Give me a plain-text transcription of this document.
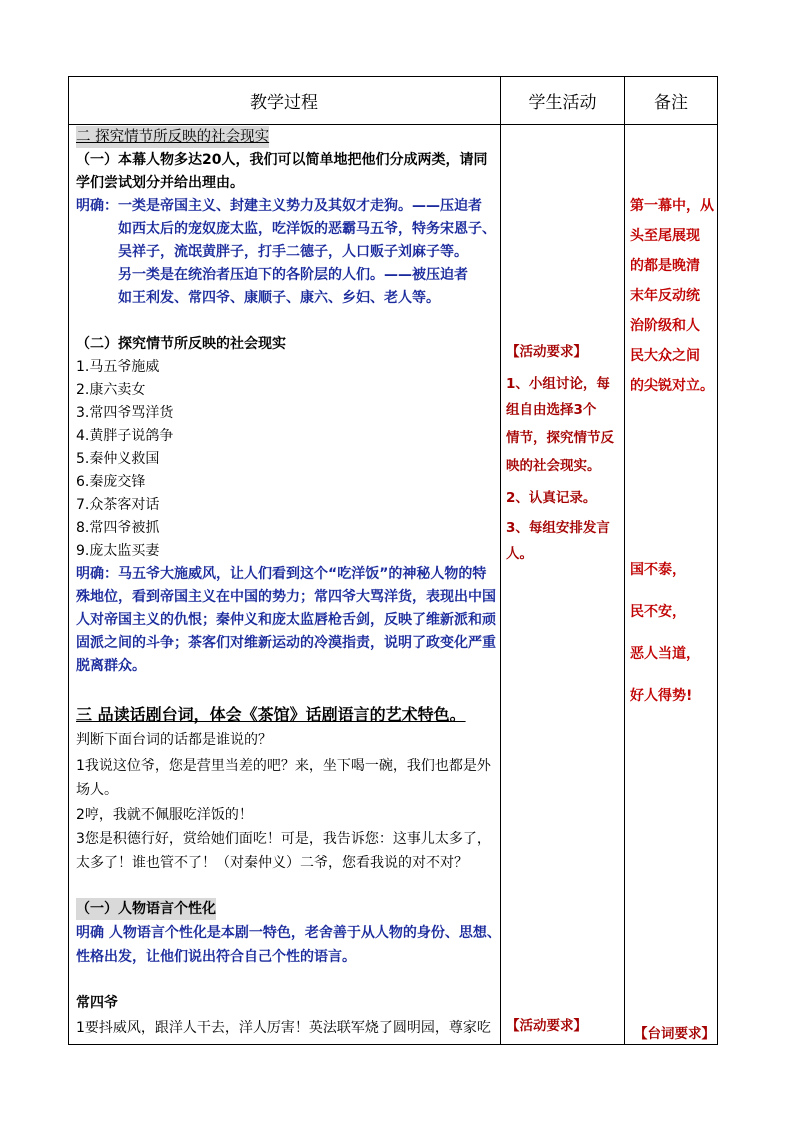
教学过程	学生活动	备注
二 探究情节所反映的社会现实
（一）本幕人物多达20人，我们可以简单地把他们分成两类，请同
学们尝试划分并给出理由。
明确：一类是帝国主义、封建主义势力及其奴才走狗。——压迫者
如西太后的宠奴庞太监，吃洋饭的恶霸马五爷，特务宋恩子、
吴祥子，流氓黄胖子，打手二德子，人口贩子刘麻子等。
另一类是在统治者压迫下的各阶层的人们。——被压迫者
如王利发、常四爷、康顺子、康六、乡妇、老人等。
（二）探究情节所反映的社会现实
1.马五爷施威
2.康六卖女
3.常四爷骂洋货
4.黄胖子说鸽争
5.秦仲义救国
6.秦庞交锋
7.众茶客对话
8.常四爷被抓
9.庞太监买妻
明确：马五爷大施威风，让人们看到这个“吃洋饭”的神秘人物的特
殊地位，看到帝国主义在中国的势力；常四爷大骂洋货，表现出中国
人对帝国主义的仇恨；秦仲义和庞太监唇枪舌剑，反映了维新派和顽
固派之间的斗争；茶客们对维新运动的冷漠指责，说明了政变化严重
脱离群众。
三 品读话剧台词，体会《茶馆》话剧语言的艺术特色。
判断下面台词的话都是谁说的？
1我说这位爷，您是营里当差的吧？来，坐下喝一碗，我们也都是外
场人。
2哼，我就不佩服吃洋饭的！
3您是积德行好，赏给她们面吃！可是，我告诉您：这事儿太多了，
太多了！谁也管不了！（对秦仲义）二爷，您看我说的对不对？
（一）人物语言个性化
明确 人物语言个性化是本剧一特色，老舍善于从人物的身份、思想、
性格出发，让他们说出符合自己个性的语言。
常四爷
1要抖威风，跟洋人干去，洋人厉害！英法联军烧了圆明园，尊家吃
【活动要求】
1、小组讨论，每
组自由选择3个
情节，探究情节反
映的社会现实。
2、认真记录。
3、每组安排发言
人。
【活动要求】
第一幕中，从
头至尾展现
的都是晚清
末年反动统
治阶级和人
民大众之间
的尖锐对立。
国不泰，
民不安，
恶人当道，
好人得势!
【台词要求】
